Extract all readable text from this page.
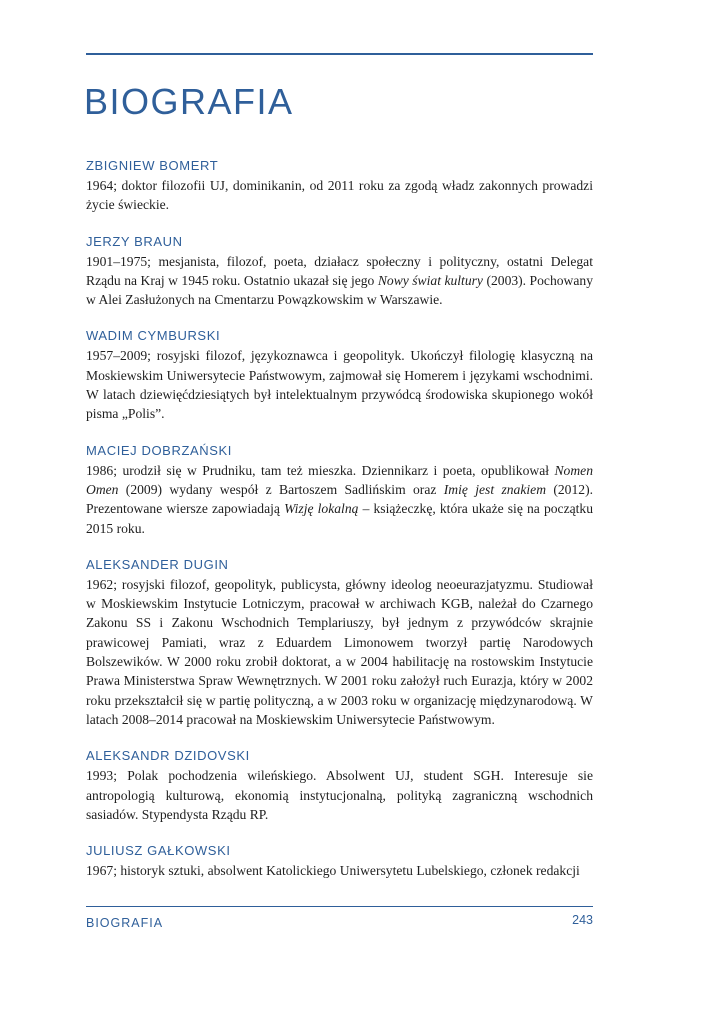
BIOGRAFIA
ZBIGNIEW BOMERT

1964; doktor filozofii UJ, dominikanin, od 2011 roku za zgodą władz zakonnych prowadzi życie świeckie.

JERZY BRAUN

1901–1975; mesjanista, filozof, poeta, działacz społeczny i polityczny, ostatni Delegat Rządu na Kraj w 1945 roku. Ostatnio ukazał się jego Nowy świat kultury (2003). Pochowany w Alei Zasłużonych na Cmentarzu Powązkowskim w Warszawie.

WADIM CYMBURSKI

1957–2009; rosyjski filozof, językoznawca i geopolityk. Ukończył filologię klasyczną na Moskiewskim Uniwersytecie Państwowym, zajmował się Homerem i językami wschodnimi. W latach dziewięćdziesiątych był intelektualnym przywódcą środowiska skupionego wokół pisma „Polis”.

MACIEJ DOBRZAŃSKI

1986; urodził się w Prudniku, tam też mieszka. Dziennikarz i poeta, opublikował Nomen Omen (2009) wydany wespół z Bartoszem Sadlińskim oraz Imię jest znakiem (2012). Prezentowane wiersze zapowiadają Wizję lokalną – książeczkę, która ukaże się na początku 2015 roku.

ALEKSANDER DUGIN

1962; rosyjski filozof, geopolityk, publicysta, główny ideolog neoeurazjatyzmu. Studiował w Moskiewskim Instytucie Lotniczym, pracował w archiwach KGB, należał do Czarnego Zakonu SS i Zakonu Wschodnich Templariuszy, był jednym z przywódców skrajnie prawicowej Pamiati, wraz z Eduardem Limonowem tworzył partię Narodowych Bolszewików. W 2000 roku zrobił doktorat, a w 2004 habilitację na rostowskim Instytucie Prawa Ministerstwa Spraw Wewnętrznych. W 2001 roku założył ruch Eurazja, który w 2002 roku przekształcił się w partię polityczną, a w 2003 roku w organizację międzynarodową. W latach 2008–2014 pracował na Moskiewskim Uniwersytecie Państwowym.

ALEKSANDR DZIDOVSKI

1993; Polak pochodzenia wileńskiego. Absolwent UJ, student SGH. Interesuje sie antropologią kulturową, ekonomią instytucjonalną, polityką zagraniczną wschodnich sasiadów. Stypendysta Rządu RP.

JULIUSZ GAŁKOWSKI

1967; historyk sztuki, absolwent Katolickiego Uniwersytetu Lubelskiego, członek redakcji

BIOGRAFIA	243
